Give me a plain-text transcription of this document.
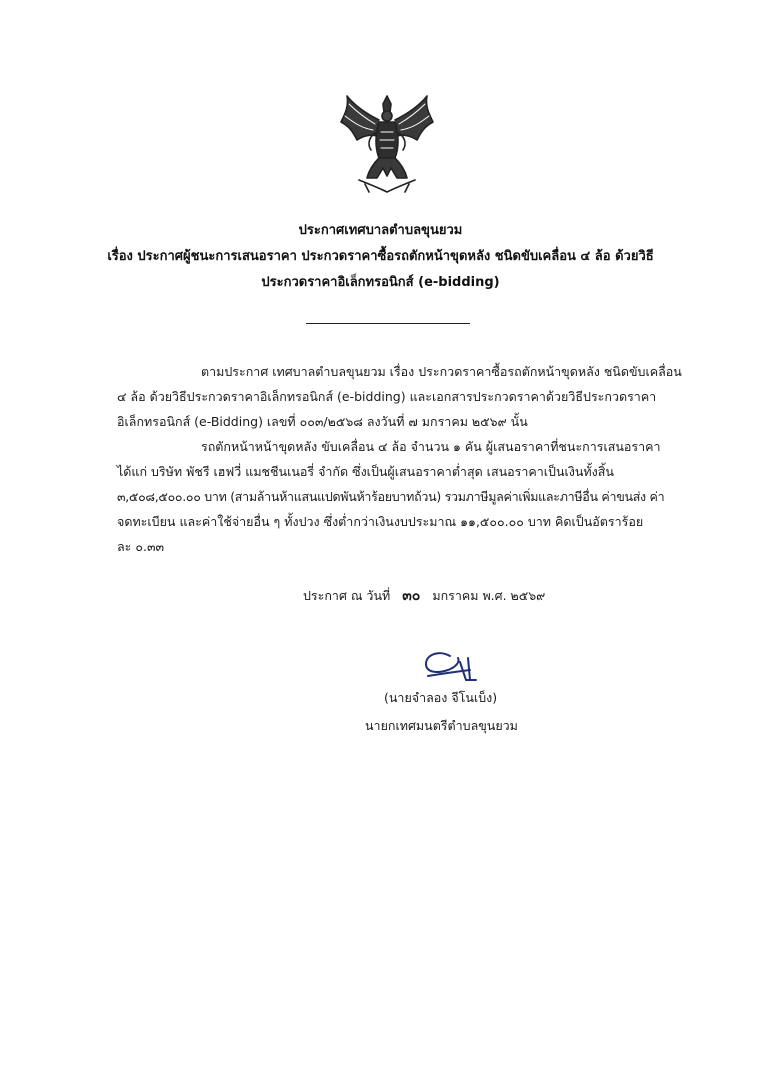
ประกาศเทศบาลตำบลขุนยวม
เรื่อง ประกาศผู้ชนะการเสนอราคา ประกวดราคาซื้อรถตักหน้าขุดหลัง ชนิดขับเคลื่อน ๔ ล้อ ด้วยวิธี
ประกวดราคาอิเล็กทรอนิกส์ (e-bidding)
ตามประกาศ เทศบาลตำบลขุนยวม เรื่อง ประกวดราคาซื้อรถตักหน้าขุดหลัง ชนิดขับเคลื่อน
๔ ล้อ ด้วยวิธีประกวดราคาอิเล็กทรอนิกส์ (e-bidding) และเอกสารประกวดราคาด้วยวิธีประกวดราคา
อิเล็กทรอนิกส์ (e-Bidding) เลขที่ ๐๐๓/๒๕๖๘ ลงวันที่ ๗ มกราคม ๒๕๖๙ นั้น
รถตักหน้าหน้าขุดหลัง ขับเคลื่อน ๔ ล้อ จำนวน ๑ คัน ผู้เสนอราคาที่ชนะการเสนอราคา
ได้แก่ บริษัท พัชรี เฮฟวี่ แมชชีนเนอรี่ จำกัด ซึ่งเป็นผู้เสนอราคาต่ำสุด เสนอราคาเป็นเงินทั้งสิ้น
๓,๕๐๘,๕๐๐.๐๐ บาท (สามล้านห้าแสนแปดพันห้าร้อยบาทถ้วน) รวมภาษีมูลค่าเพิ่มและภาษีอื่น ค่าขนส่ง ค่า
จดทะเบียน และค่าใช้จ่ายอื่น ๆ ทั้งปวง ซึ่งต่ำกว่าเงินงบประมาณ ๑๑,๕๐๐.๐๐ บาท คิดเป็นอัตราร้อย
ละ ๐.๓๓
ประกาศ ณ วันที่ ๓๐ มกราคม พ.ศ. ๒๕๖๙
(นายจำลอง จีโนเบ็ง)
นายกเทศมนตรีตำบลขุนยวม
